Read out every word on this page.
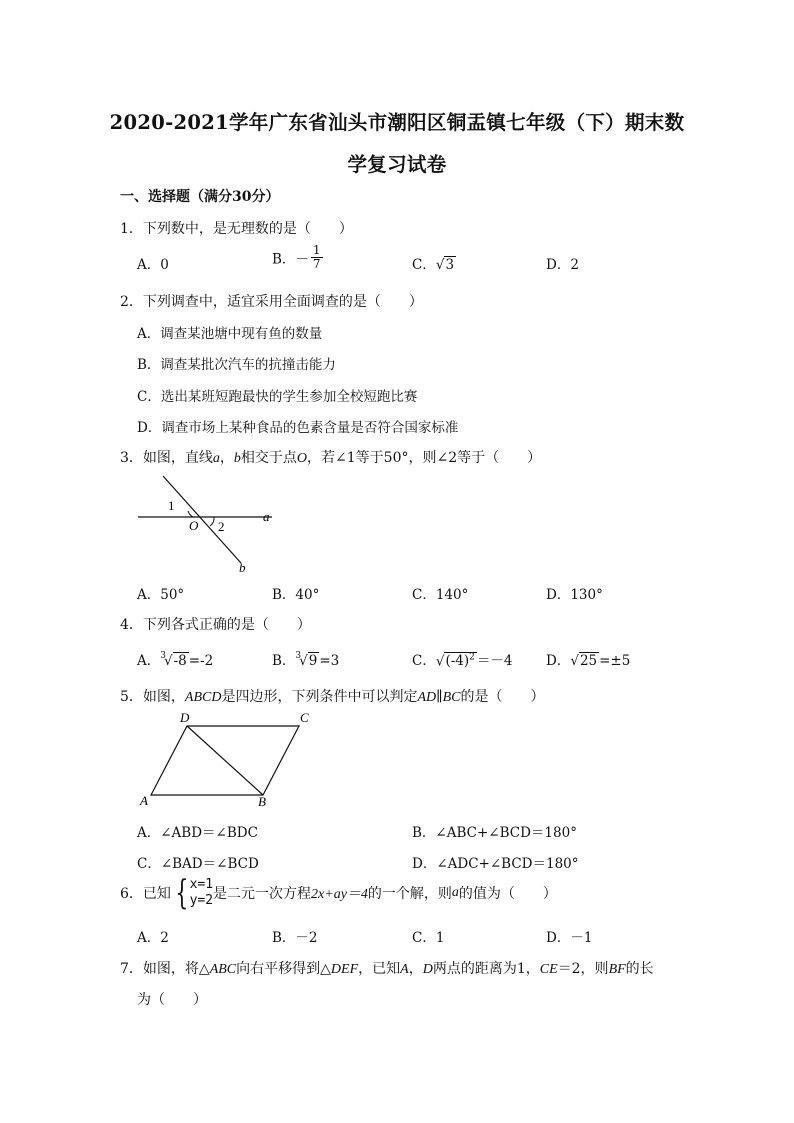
2020-2021学年广东省汕头市潮阳区铜盂镇七年级（下）期末数
学复习试卷
一、选择题（满分30分）
1．下列数中，是无理数的是（　　）
A．0	B．－ $\frac{1}{7}$	C．√3	D．2
2．下列调查中，适宜采用全面调查的是（　　）
A．调查某池塘中现有鱼的数量
B．调查某批次汽车的抗撞击能力
C．选出某班短跑最快的学生参加全校短跑比赛
D．调查市场上某种食品的色素含量是否符合国家标准
3．如图，直线a，b相交于点O，若∠1等于50°，则∠2等于（　　）
1
2
O
a
b
A．50°	B．40°	C．140°	D．130°
4．下列各式正确的是（　　）
A．$^3$√-8 =-2	B．$^3$√9 =3	C．$√(-4)^2 =-4$ D．√25 =±5
5．如图，ABCD是四边形，下列条件中可以判定AD∥BC的是（　　）
D	C
A	B
A．∠ABD＝∠BDC	B．∠ABC+∠BCD＝180°
C．∠BAD＝∠BCD	D．∠ADC+∠BCD＝180°
6．已知 { x=1
y=2 是二元一次方程2x+ay＝4的一个解，则a的值为（　　）
A．2	B．－2	C．1	D．－1
7．如图，将△ABC向右平移得到△DEF，已知A，D两点的距离为1，CE＝2，则BF的长
为（　　）
